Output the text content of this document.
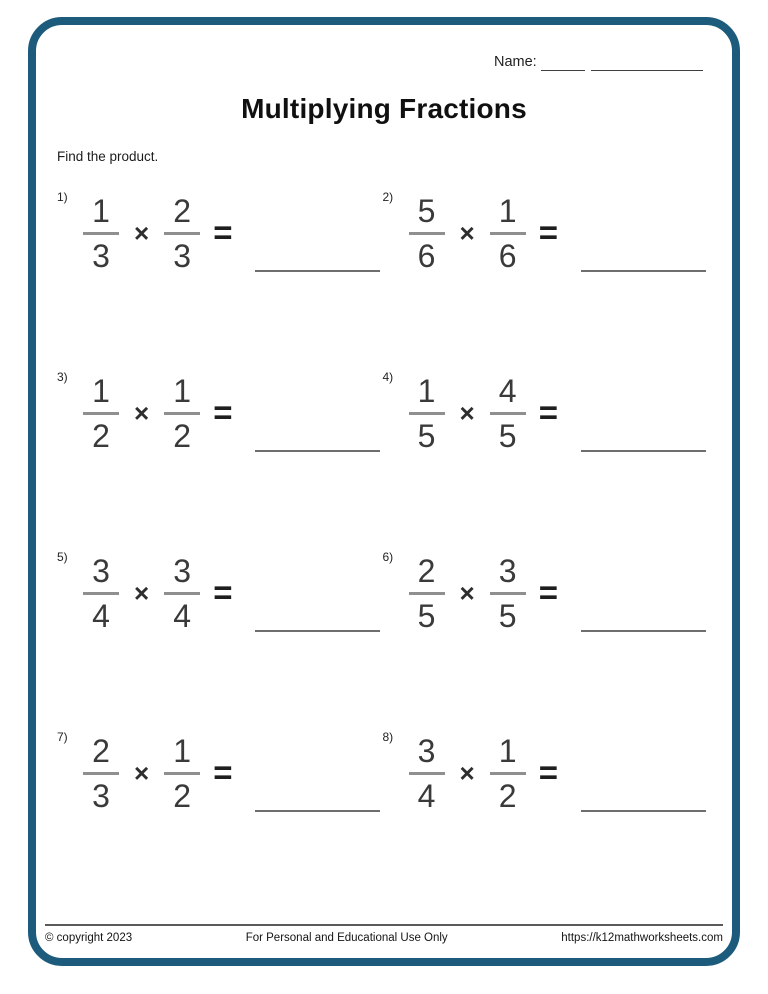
Name:
Multiplying Fractions
Find the product.
$1) \frac{1}{3} \times \frac{2}{3}$ =
$2) \frac{5}{6} \times \frac{1}{6}$ =
$3) \frac{1}{2} \times \frac{1}{2}$ =
$4) \frac{1}{5} \times \frac{4}{5}$ =
$5) \frac{3}{4} \times \frac{3}{4}$ =
$6) \frac{2}{5} \times \frac{3}{5}$ =
$7) \frac{2}{3} \times \frac{1}{2}$ =
$8) \frac{3}{4} \times \frac{1}{2}$ =
© copyright 2023	For Personal and Educational Use Only	https://k12mathworksheets.com
